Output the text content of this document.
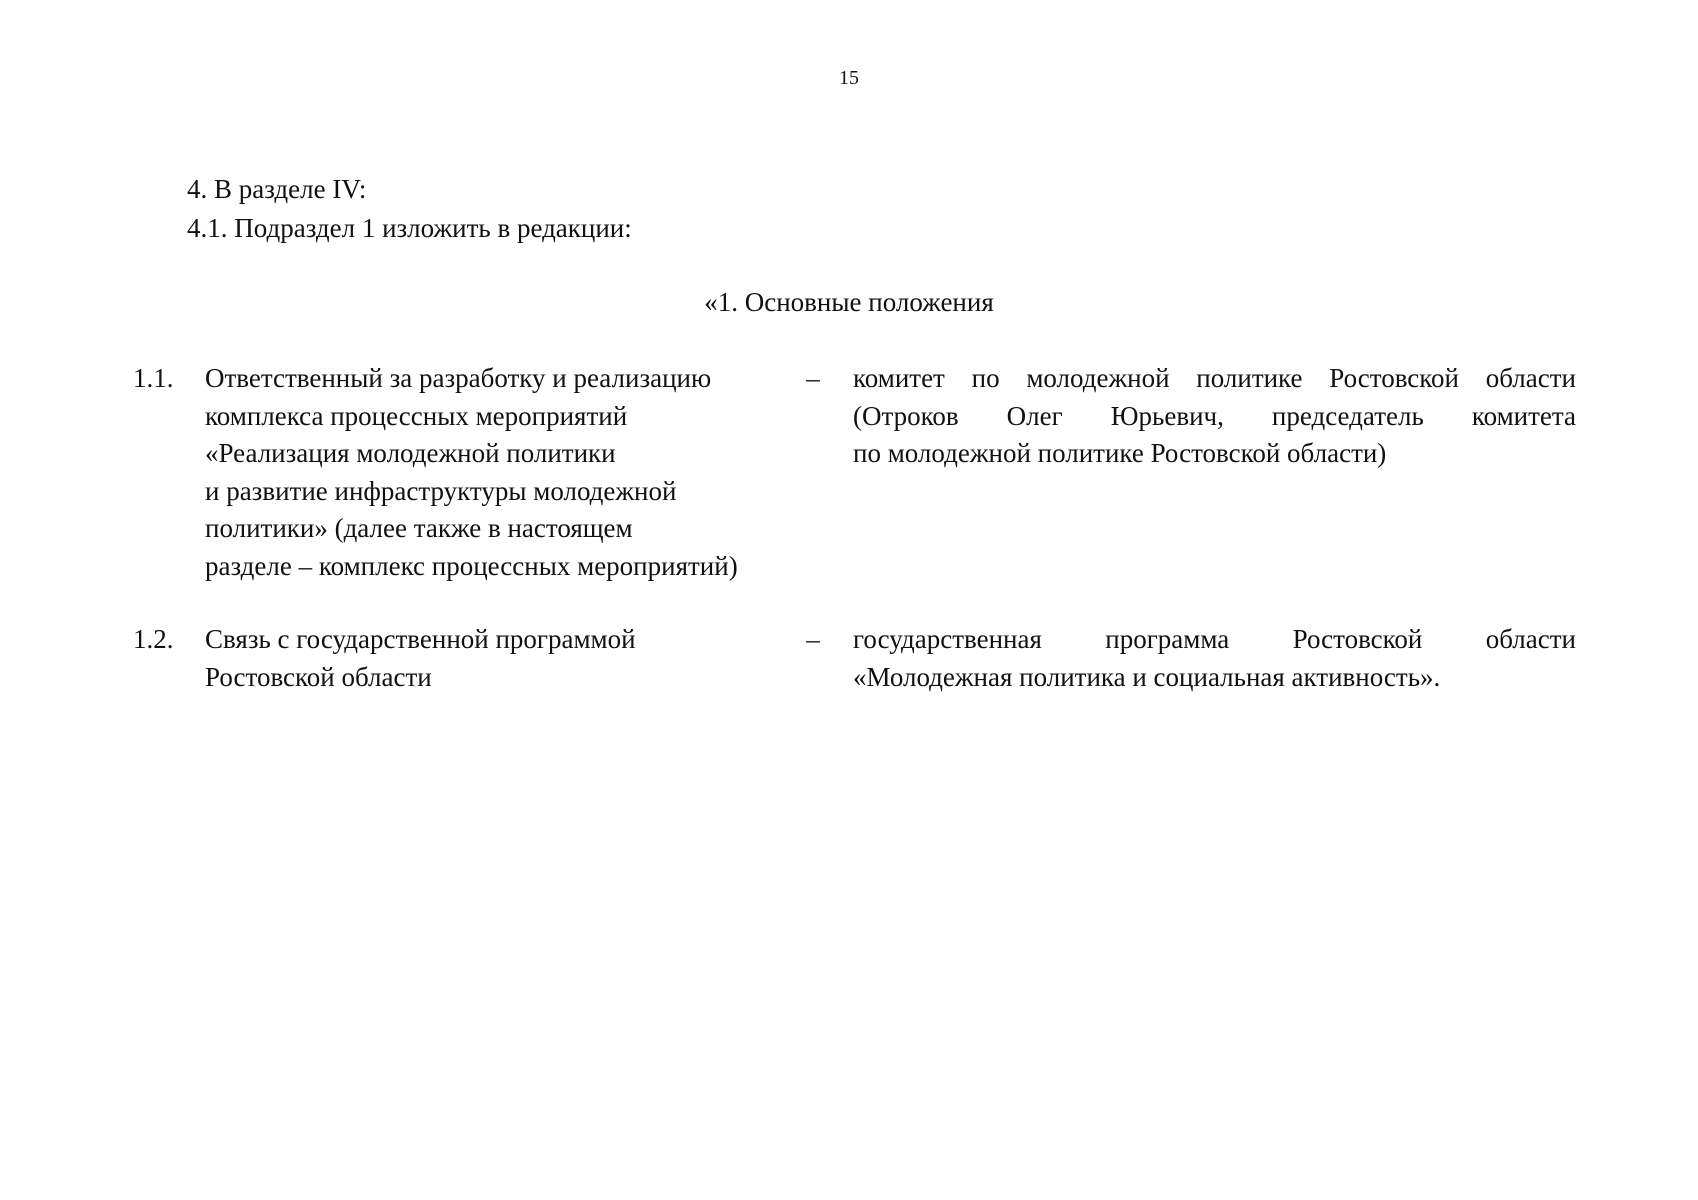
15
4. В разделе IV:
4.1. Подраздел 1 изложить в редакции:
«1. Основные положения
1.1.	Ответственный за разработку и реализацию
комплекса процессных мероприятий
«Реализация молодежной политики
и развитие инфраструктуры молодежной
политики» (далее также в настоящем
разделе – комплекс процессных мероприятий)
– комитет по молодежной политике Ростовской области
(Отроков Олег Юрьевич, председатель комитета
по молодежной политике Ростовской области)
1.2.	Связь с государственной программой
Ростовской области
– государственная программа Ростовской области
«Молодежная политика и социальная активность».
